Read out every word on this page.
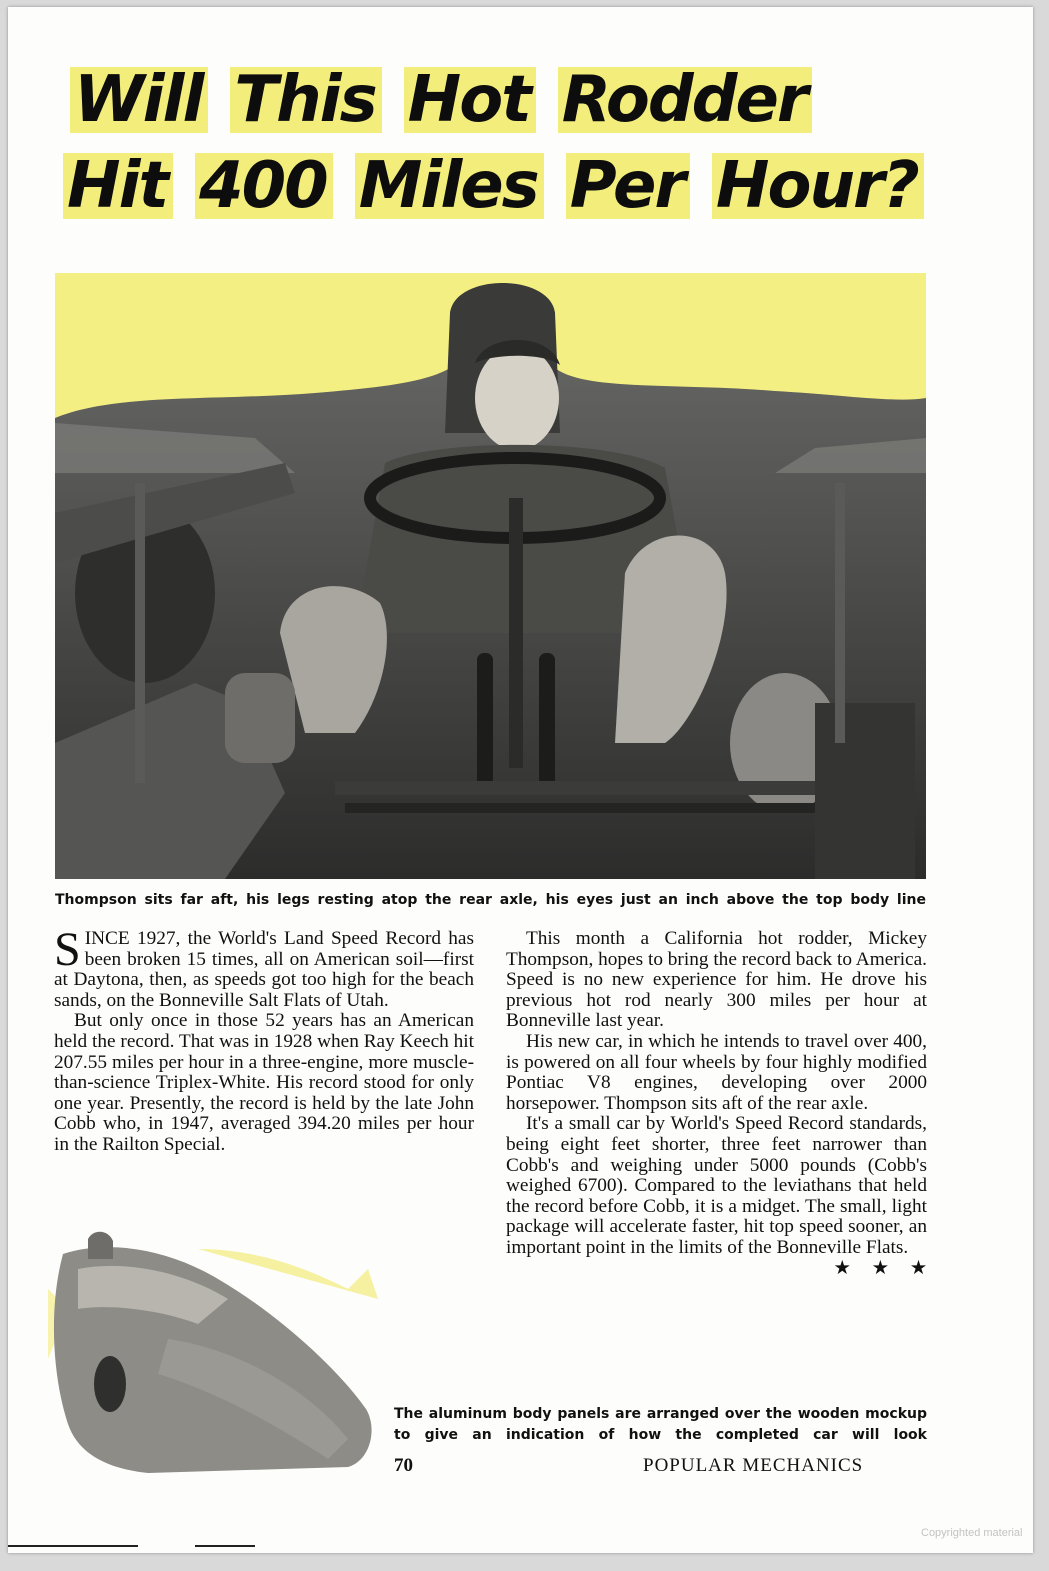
Will This Hot Rodder
Hit 400 Miles Per Hour?
Thompson sits far aft, his legs resting atop the rear axle, his eyes just an inch above the top body line

SINCE 1927, the World's Land Speed Record has been broken 15 times, all on American soil—first at Daytona, then, as speeds got too high for the beach sands, on the Bonneville Salt Flats of Utah.

But only once in those 52 years has an American held the record. That was in 1928 when Ray Keech hit 207.55 miles per hour in a three-engine, more muscle-than-science Triplex-White. His record stood for only one year. Presently, the record is held by the late John Cobb who, in 1947, averaged 394.20 miles per hour in the Railton Special.

This month a California hot rodder, Mickey Thompson, hopes to bring the record back to America. Speed is no new experience for him. He drove his previous hot rod nearly 300 miles per hour at Bonneville last year.

His new car, in which he intends to travel over 400, is powered on all four wheels by four highly modified Pontiac V8 engines, developing over 2000 horsepower. Thompson sits aft of the rear axle.

It's a small car by World's Speed Record standards, being eight feet shorter, three feet narrower than Cobb's and weighing under 5000 pounds (Cobb's weighed 6700). Compared to the leviathans that held the record before Cobb, it is a midget. The small, light package will accelerate faster, hit top speed sooner, an important point in the limits of the Bonneville Flats.
★ ★ ★

The aluminum body panels are arranged over the wooden mockup to give an indication of how the completed car will look
70	POPULAR MECHANICS
Copyrighted material
